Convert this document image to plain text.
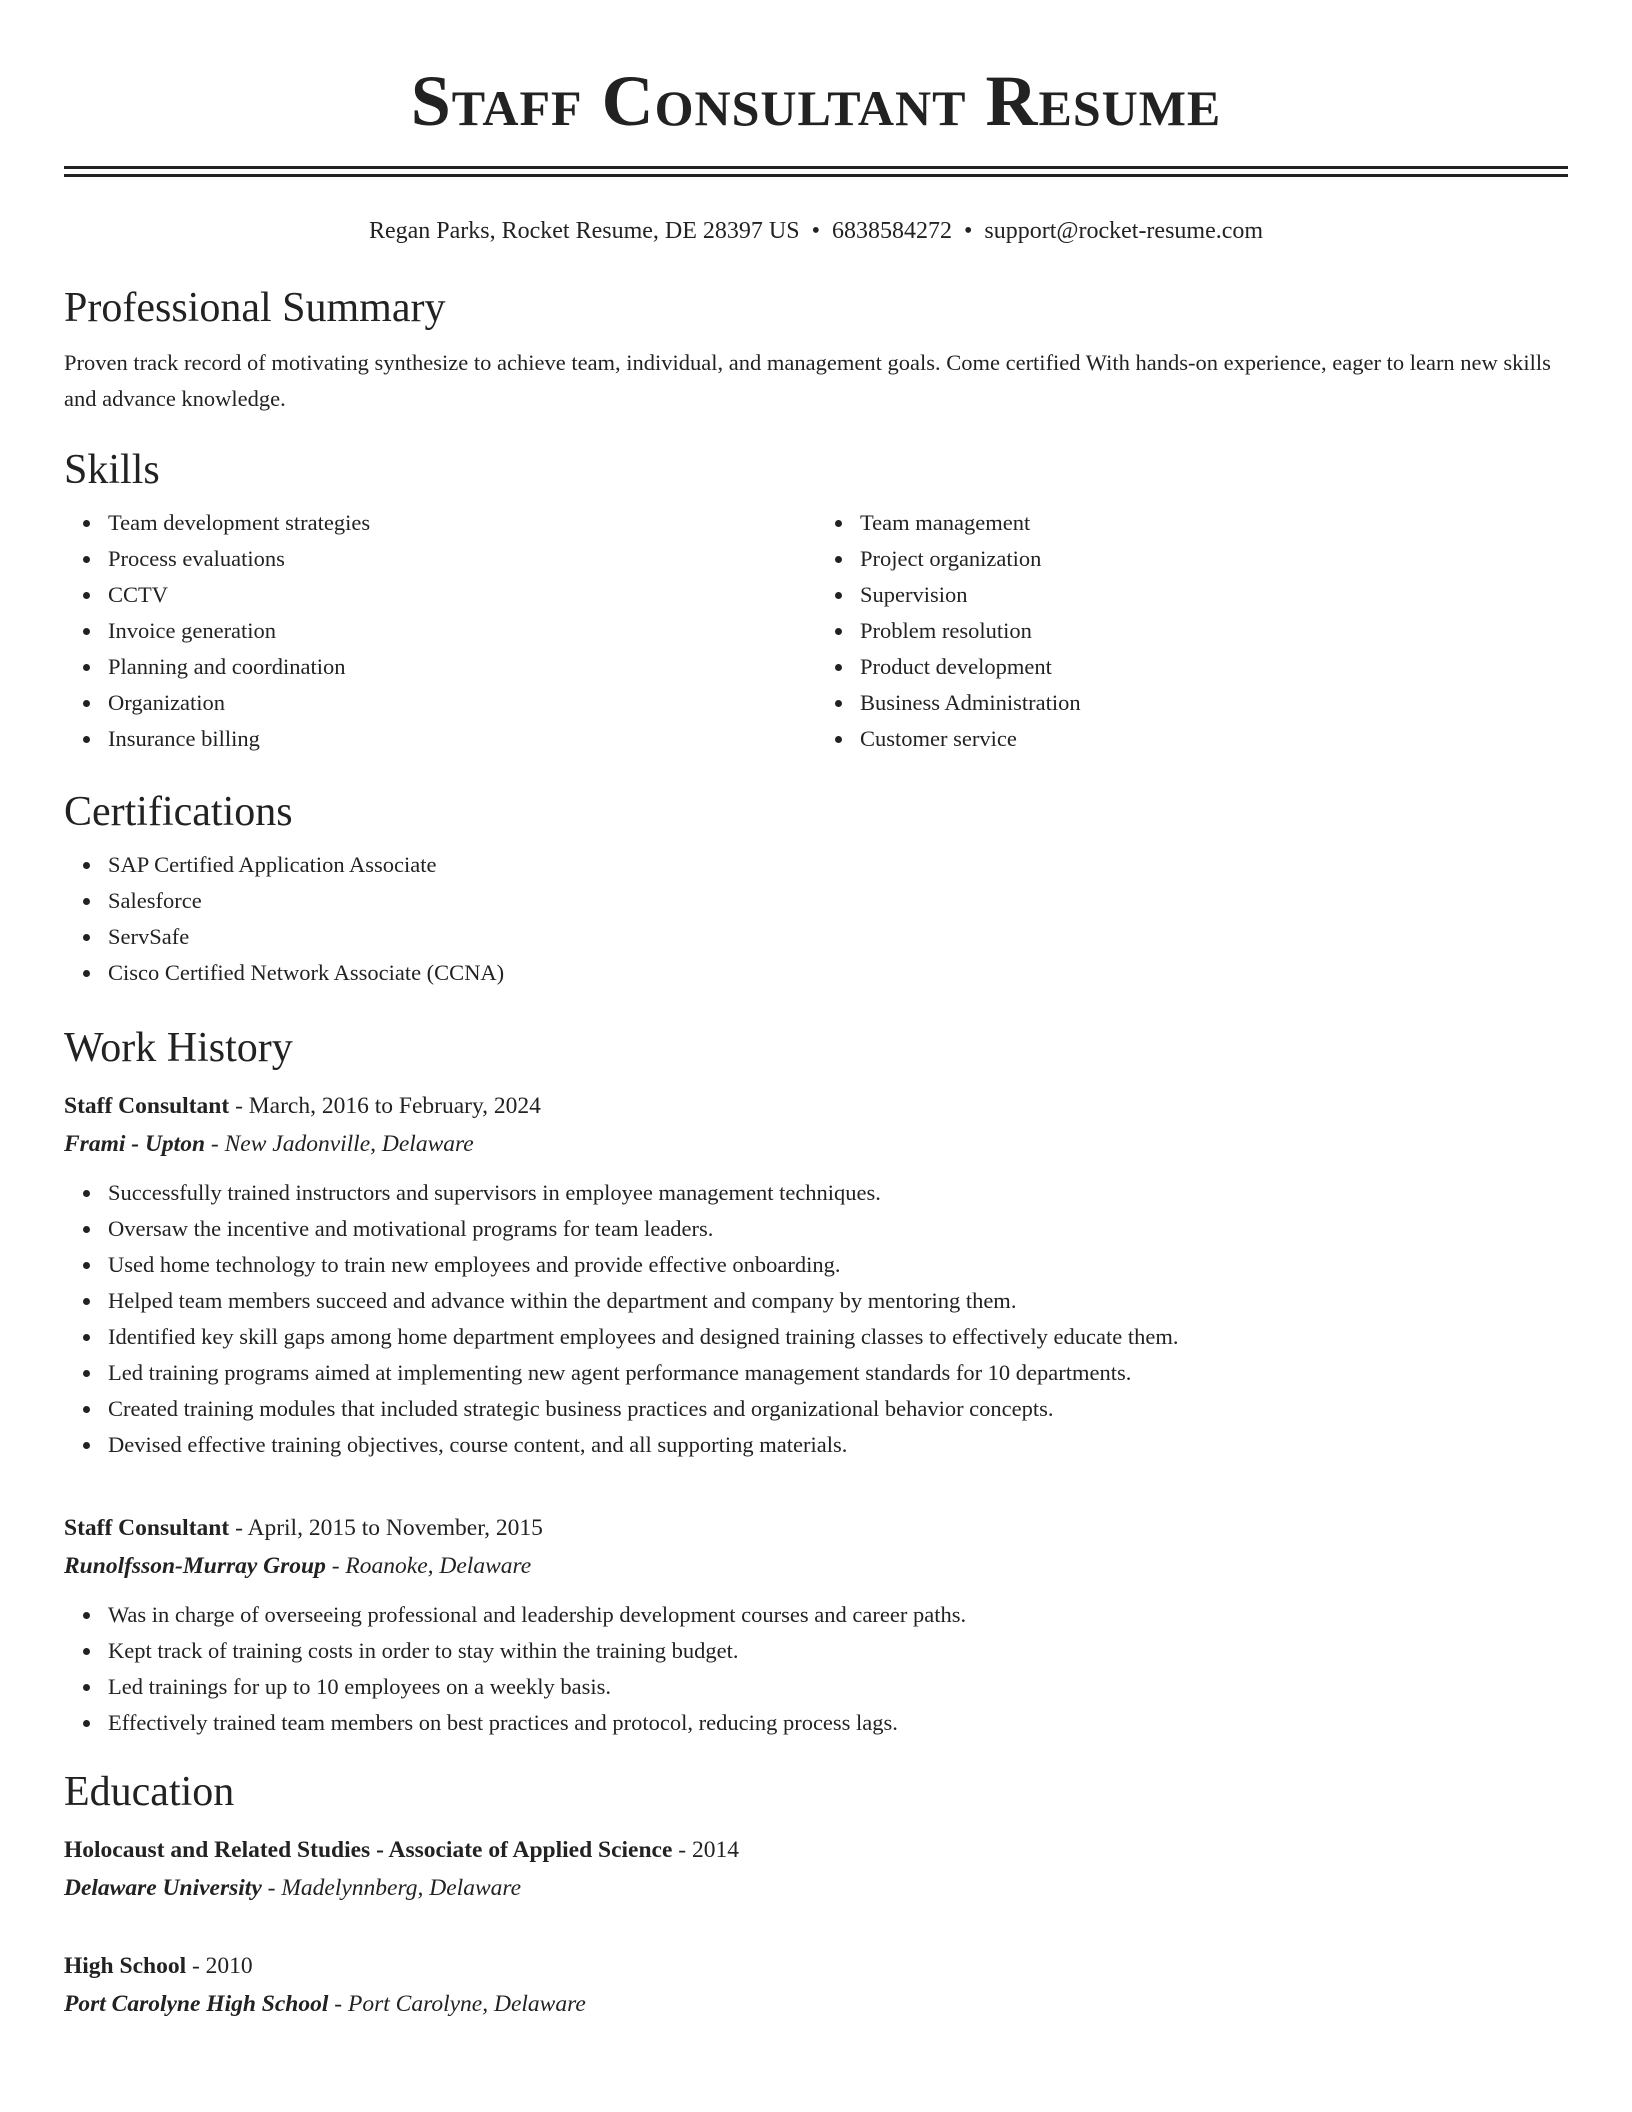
Staff Consultant Resume
Regan Parks, Rocket Resume, DE 28397 US • 6838584272 • support@rocket-resume.com
Professional Summary

Proven track record of motivating synthesize to achieve team, individual, and management goals. Come certified With hands-on experience, eager to learn new skills and advance knowledge.

Skills
Team development strategies
Process evaluations
CCTV
Invoice generation
Planning and coordination
Organization
Insurance billing
Team management
Project organization
Supervision
Problem resolution
Product development
Business Administration
Customer service
Certifications
SAP Certified Application Associate
Salesforce
ServSafe
Cisco Certified Network Associate (CCNA)
Work History
Staff Consultant - March, 2016 to February, 2024
Frami - Upton - New Jadonville, Delaware
Successfully trained instructors and supervisors in employee management techniques.
Oversaw the incentive and motivational programs for team leaders.
Used home technology to train new employees and provide effective onboarding.
Helped team members succeed and advance within the department and company by mentoring them.
Identified key skill gaps among home department employees and designed training classes to effectively educate them.
Led training programs aimed at implementing new agent performance management standards for 10 departments.
Created training modules that included strategic business practices and organizational behavior concepts.
Devised effective training objectives, course content, and all supporting materials.
Staff Consultant - April, 2015 to November, 2015
Runolfsson-Murray Group - Roanoke, Delaware
Was in charge of overseeing professional and leadership development courses and career paths.
Kept track of training costs in order to stay within the training budget.
Led trainings for up to 10 employees on a weekly basis.
Effectively trained team members on best practices and protocol, reducing process lags.
Education
Holocaust and Related Studies - Associate of Applied Science - 2014
Delaware University - Madelynnberg, Delaware
High School - 2010
Port Carolyne High School - Port Carolyne, Delaware
